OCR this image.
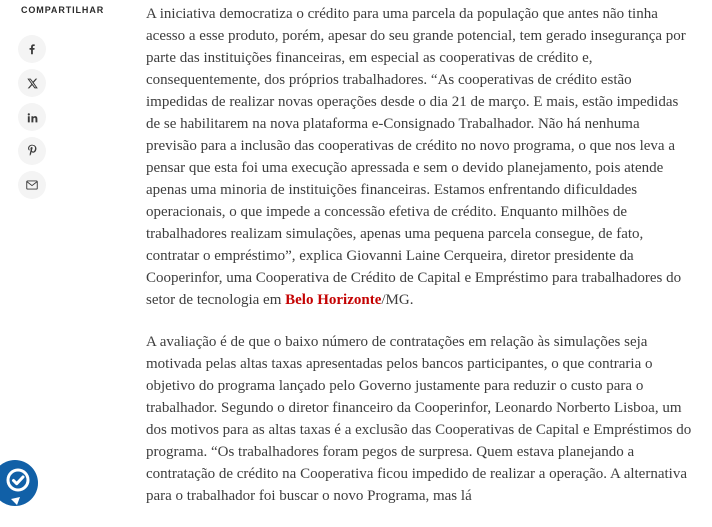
COMPARTILHAR	A iniciativa democratiza o crédito para uma parcela da população que antes não tinha acesso a esse produto, porém, apesar do seu grande potencial, tem gerado insegurança por parte das instituições financeiras, em especial as cooperativas de crédito e, consequentemente, dos próprios trabalhadores. “As cooperativas de crédito estão impedidas de realizar novas operações desde o dia 21 de março. E mais, estão impedidas de se habilitarem na nova plataforma e-Consignado Trabalhador. Não há nenhuma previsão para a inclusão das cooperativas de crédito no novo programa, o que nos leva a pensar que esta foi uma execução apressada e sem o devido planejamento, pois atende apenas uma minoria de instituições financeiras. Estamos enfrentando dificuldades operacionais, o que impede a concessão efetiva de crédito. Enquanto milhões de trabalhadores realizam simulações, apenas uma pequena parcela consegue, de fato, contratar o empréstimo”, explica Giovanni Laine Cerqueira, diretor presidente da Cooperinfor, uma Cooperativa de Crédito de Capital e Empréstimo para trabalhadores do setor de tecnologia em Belo Horizonte/MG.

A avaliação é de que o baixo número de contratações em relação às simulações seja motivada pelas altas taxas apresentadas pelos bancos participantes, o que contraria o objetivo do programa lançado pelo Governo justamente para reduzir o custo para o trabalhador. Segundo o diretor financeiro da Cooperinfor, Leonardo Norberto Lisboa, um dos motivos para as altas taxas é a exclusão das Cooperativas de Capital e Empréstimos do programa. “Os trabalhadores foram pegos de surpresa. Quem estava planejando a contratação de crédito na Cooperativa ficou impedido de realizar a operação. A alternativa para o trabalhador foi buscar o novo Programa, mas lá
